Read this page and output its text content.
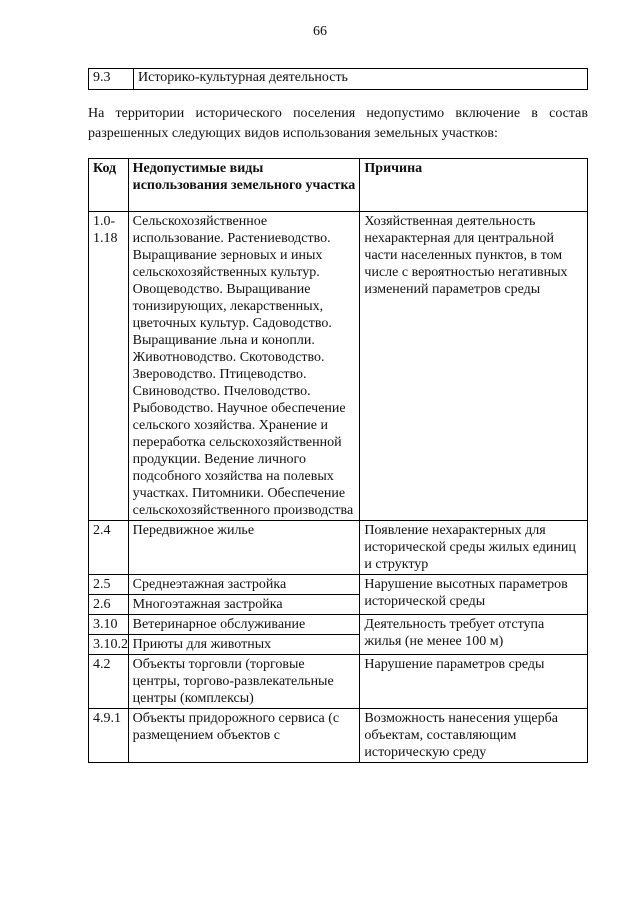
66
9.3	Историко-культурная деятельность

На территории исторического поселения недопустимо включение в состав разрешенных следующих видов использования земельных участков:

Код	Недопустимые виды использования земельного участка	Причина
1.0-
1.18	Сельскохозяйственное использование. Растениеводство. Выращивание зерновых и иных сельскохозяйственных культур. Овощеводство. Выращивание тонизирующих, лекарственных, цветочных культур. Садоводство. Выращивание льна и конопли. Животноводство. Скотоводство. Звероводство. Птицеводство. Свиноводство. Пчеловодство. Рыбоводство. Научное обеспечение сельского хозяйства. Хранение и переработка сельскохозяйственной продукции. Ведение личного подсобного хозяйства на полевых участках. Питомники. Обеспечение сельскохозяйственного производства	Хозяйственная деятельность нехарактерная для центральной части населенных пунктов, в том числе с вероятностью негативных изменений параметров среды
2.4	Передвижное жилье	Появление нехарактерных для исторической среды жилых единиц и структур
2.5	Среднеэтажная застройка	Нарушение высотных параметров исторической среды
2.6	Многоэтажная застройка	
3.10	Ветеринарное обслуживание	Деятельность требует отступа жилья (не менее 100 м)
3.10.2	Приюты для животных	
4.2	Объекты торговли (торговые центры, торгово-развлекательные центры (комплексы)	Нарушение параметров среды
4.9.1	Объекты придорожного сервиса (с размещением объектов с	Возможность нанесения ущерба объектам, составляющим историческую среду
